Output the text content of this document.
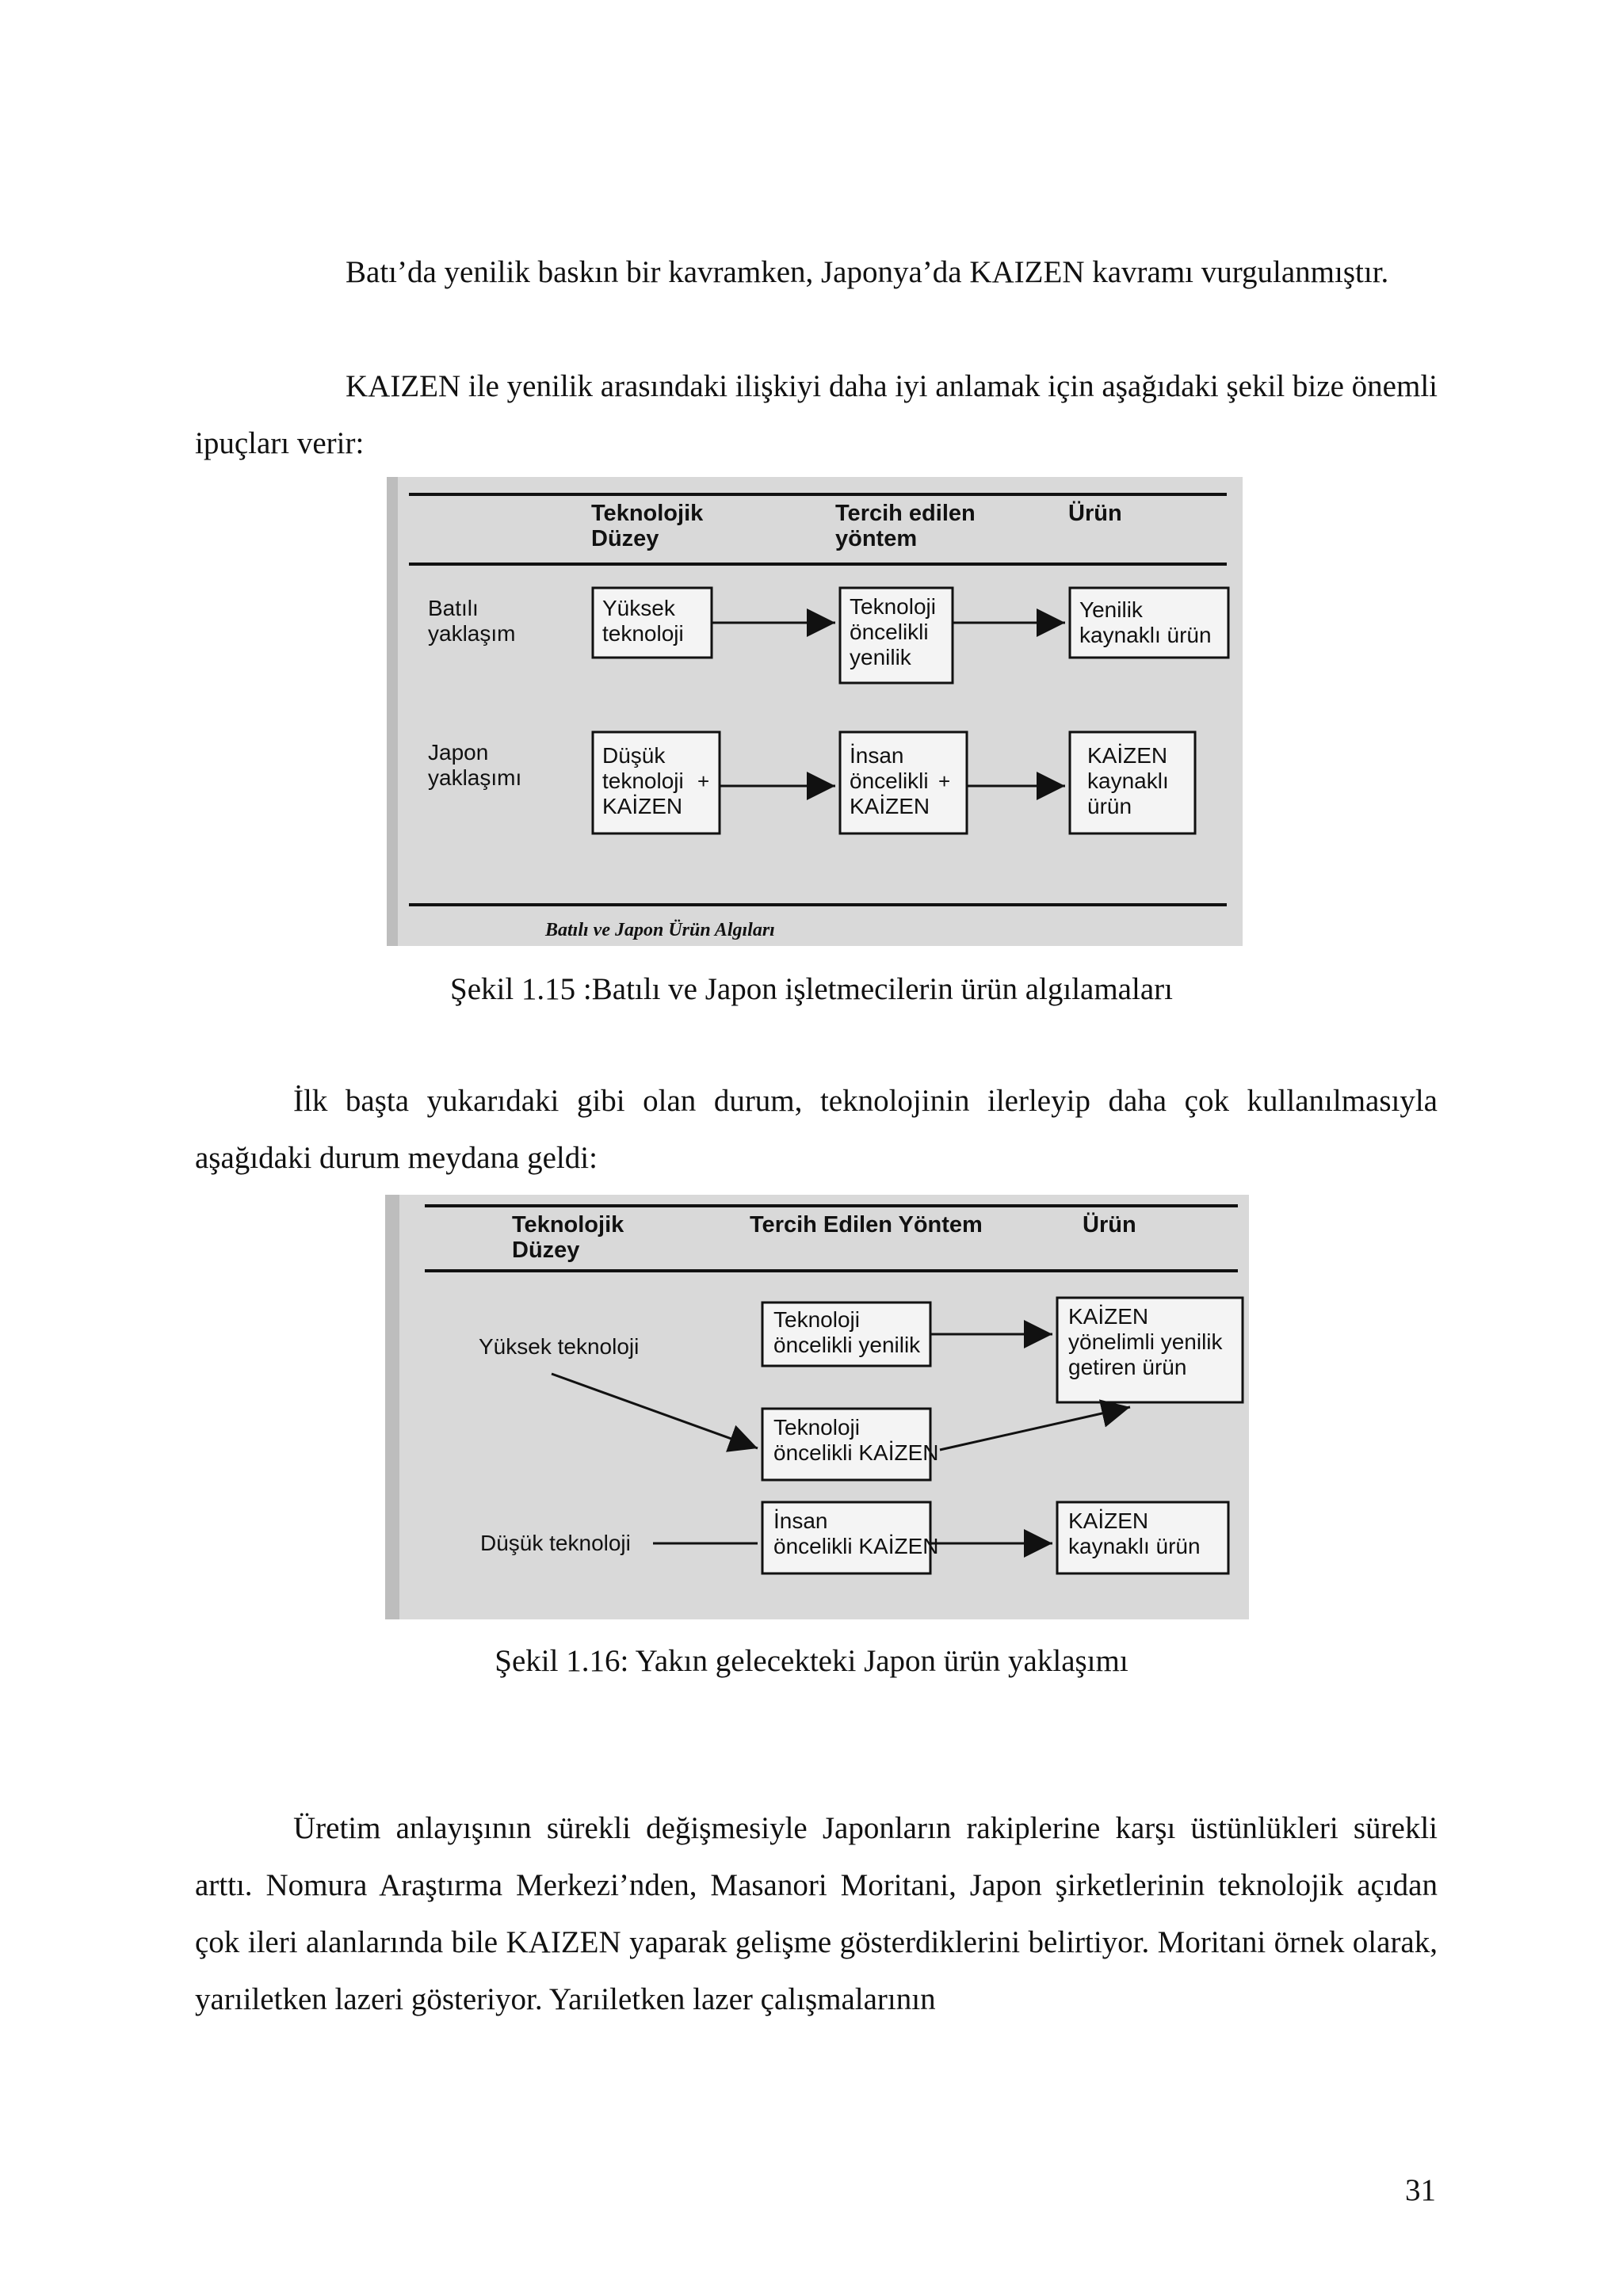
Batı’da yenilik baskın bir kavramken, Japonya’da KAIZEN kavramı vurgulanmıştır.
KAIZEN ile yenilik arasındaki ilişkiyi daha iyi anlamak için aşağıdaki şekil bize önemli ipuçları verir:
Teknolojik
Düzey
Tercih edilen
yöntem
Ürün
Batılı
yaklaşım
Japon
yaklaşımı
Yüksek
teknoloji
Teknoloji
öncelikli
yenilik
Yenilik
kaynaklı ürün
Düşük
teknoloji
KAİZEN
+
İnsan
öncelikli
KAİZEN
+
KAİZEN
kaynaklı
ürün
Batılı ve Japon Ürün Algıları
Şekil 1.15 :Batılı ve Japon işletmecilerin ürün algılamaları
İlk başta yukarıdaki gibi olan durum, teknolojinin ilerleyip daha çok kullanılmasıyla aşağıdaki durum meydana geldi:
Teknolojik
Düzey
Tercih Edilen Yöntem	Ürün
Yüksek teknoloji
Düşük teknoloji
Teknoloji
öncelikli yenilik
Teknoloji
öncelikli KAİZEN
İnsan
öncelikli KAİZEN
KAİZEN
yönelimli yenilik
getiren ürün
KAİZEN
kaynaklı ürün
Şekil 1.16: Yakın gelecekteki Japon ürün yaklaşımı
Üretim anlayışının sürekli değişmesiyle Japonların rakiplerine karşı üstünlükleri sürekli arttı. Nomura Araştırma Merkezi’nden, Masanori Moritani, Japon şirketlerinin teknolojik açıdan çok ileri alanlarında bile KAIZEN yaparak gelişme gösterdiklerini belirtiyor. Moritani örnek olarak, yarıiletken lazeri gösteriyor. Yarıiletken lazer çalışmalarının
31
